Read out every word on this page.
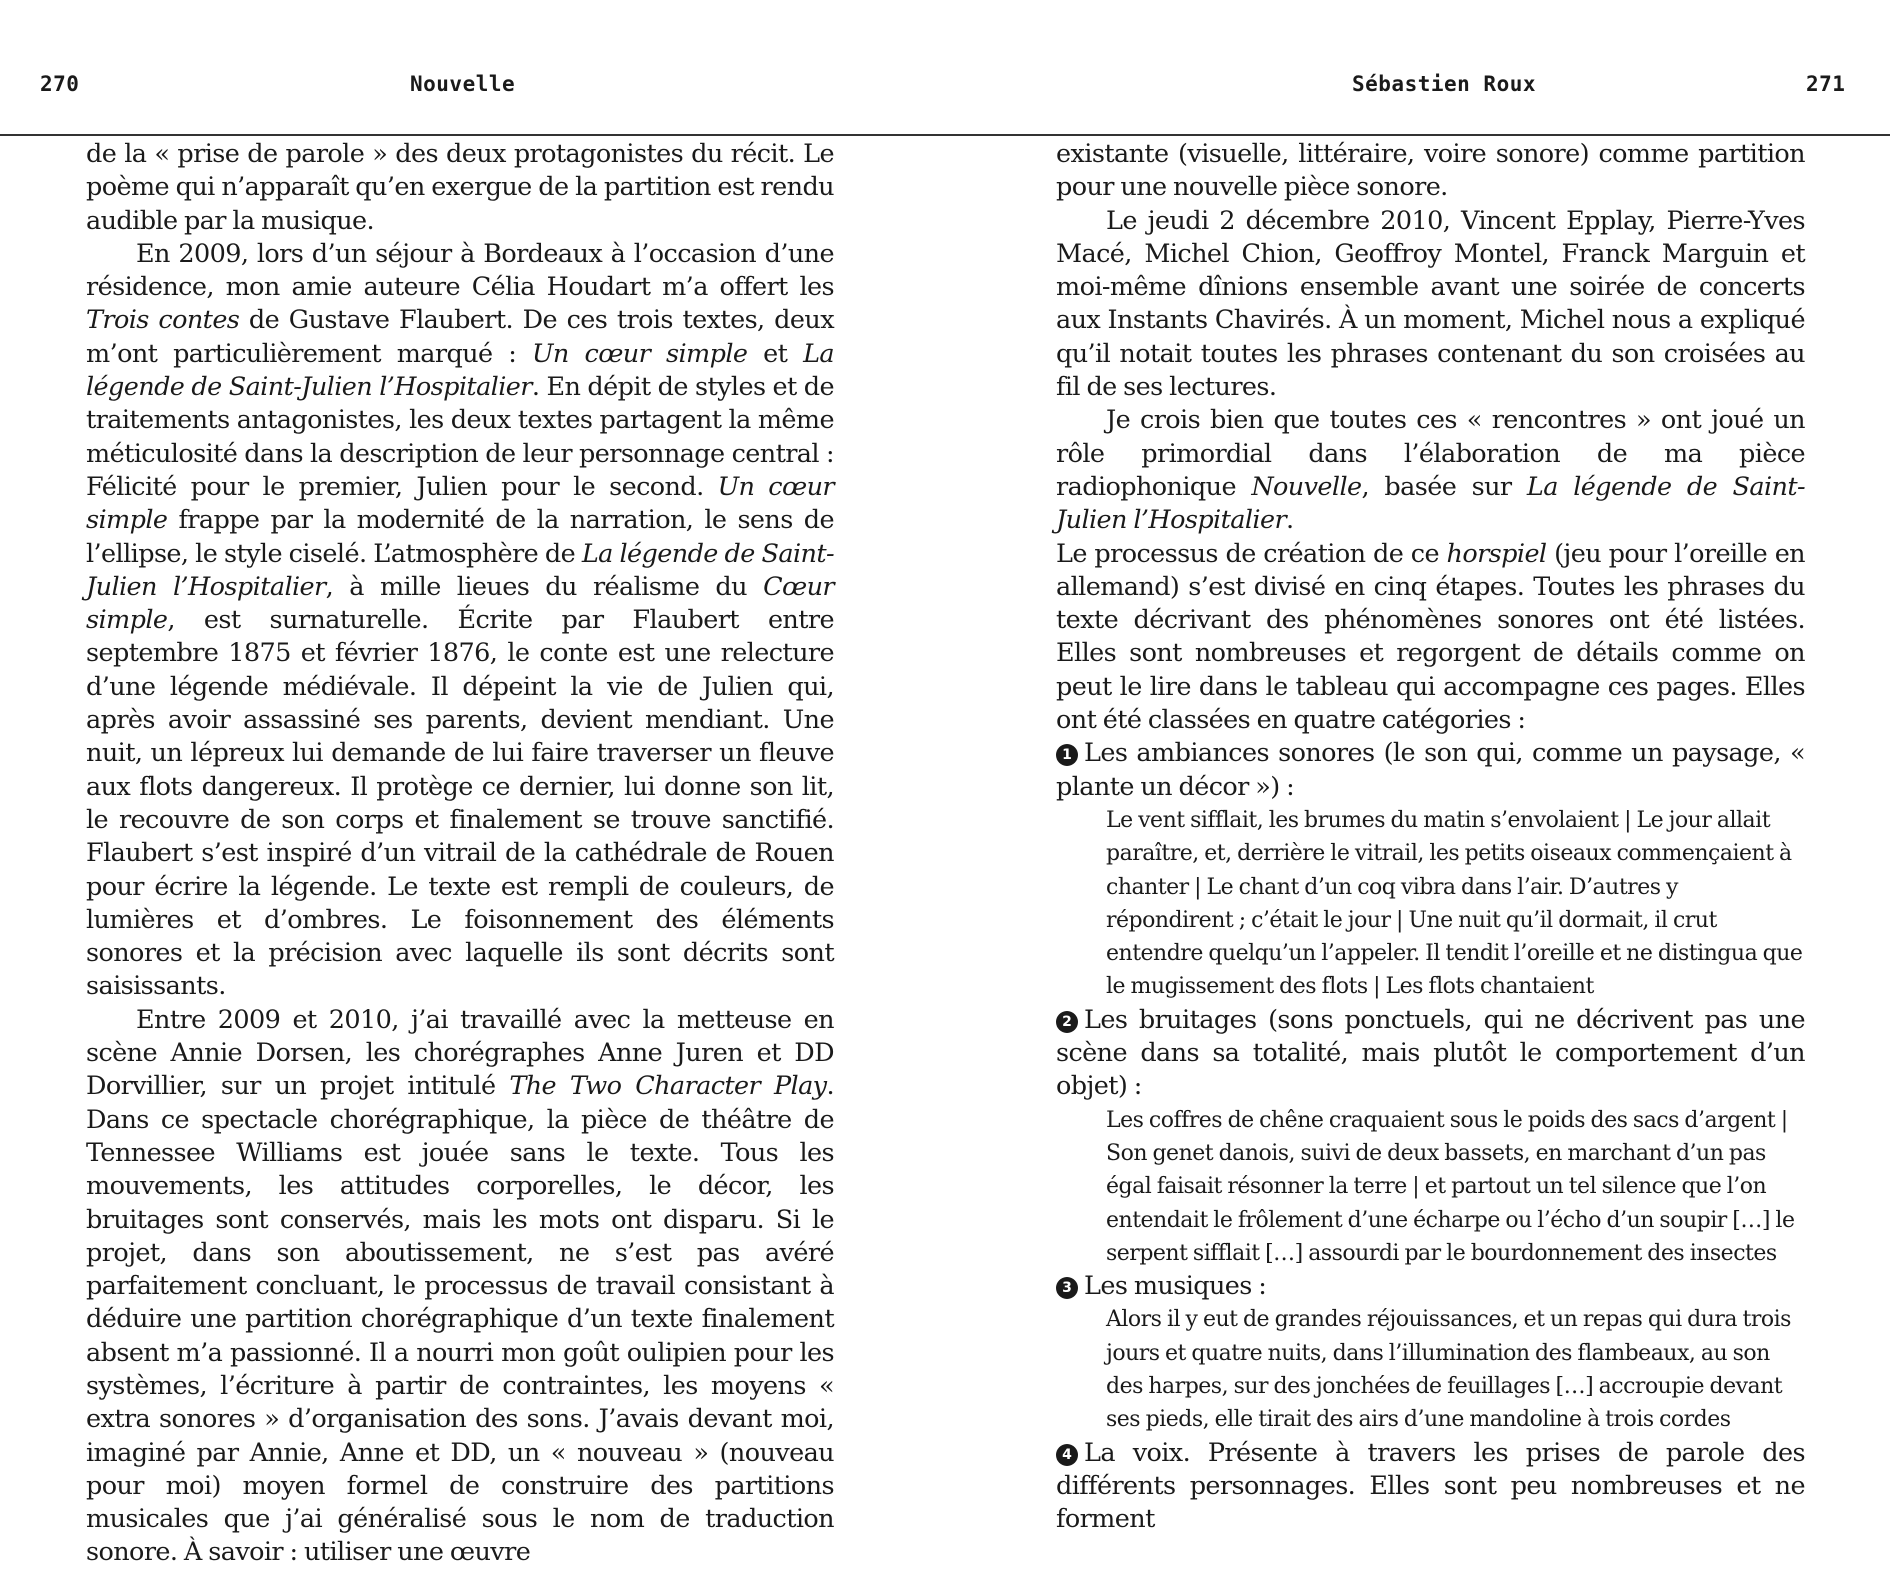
270	Nouvelle	Sébastien Roux	271

de la « prise de parole » des deux protagonistes du récit. Le poème qui n’apparaît qu’en exergue de la partition est rendu audible par la musique.

En 2009, lors d’un séjour à Bordeaux à l’occasion d’une résidence, mon amie auteure Célia Houdart m’a offert les Trois contes de Gustave Flaubert. De ces trois textes, deux m’ont particulièrement marqué : Un cœur simple et La légende de Saint-Julien l’Hospitalier. En dépit de styles et de traitements antagonistes, les deux textes partagent la même méticulosité dans la description de leur personnage central : Félicité pour le premier, Julien pour le second. Un cœur simple frappe par la modernité de la narration, le sens de l’ellipse, le style ciselé. L’atmosphère de La légende de Saint-Julien l’Hospitalier, à mille lieues du réalisme du Cœur simple, est surnaturelle. Écrite par Flaubert entre septembre 1875 et février 1876, le conte est une relecture d’une légende médiévale. Il dépeint la vie de Julien qui, après avoir assassiné ses parents, devient mendiant. Une nuit, un lépreux lui demande de lui faire traverser un fleuve aux flots dangereux. Il protège ce dernier, lui donne son lit, le recouvre de son corps et finalement se trouve sanctifié. Flaubert s’est inspiré d’un vitrail de la cathédrale de Rouen pour écrire la légende. Le texte est rempli de couleurs, de lumières et d’ombres. Le foisonnement des éléments sonores et la précision avec laquelle ils sont décrits sont saisissants.

Entre 2009 et 2010, j’ai travaillé avec la metteuse en scène Annie Dorsen, les chorégraphes Anne Juren et DD Dorvillier, sur un projet intitulé The Two Character Play. Dans ce spectacle chorégraphique, la pièce de théâtre de Tennessee Williams est jouée sans le texte. Tous les mouvements, les attitudes corporelles, le décor, les bruitages sont conservés, mais les mots ont disparu. Si le projet, dans son aboutissement, ne s’est pas avéré parfaitement concluant, le processus de travail consistant à déduire une partition chorégraphique d’un texte finalement absent m’a passionné. Il a nourri mon goût oulipien pour les systèmes, l’écriture à partir de contraintes, les moyens « extra sonores » d’organisation des sons. J’avais devant moi, imaginé par Annie, Anne et DD, un « nouveau » (nouveau pour moi) moyen formel de construire des partitions musicales que j’ai généralisé sous le nom de traduction sonore. À savoir : utiliser une œuvre

existante (visuelle, littéraire, voire sonore) comme partition pour une nouvelle pièce sonore.

Le jeudi 2 décembre 2010, Vincent Epplay, Pierre-Yves Macé, Michel Chion, Geoffroy Montel, Franck Marguin et moi-même dînions ensemble avant une soirée de concerts aux Instants Chavirés. À un moment, Michel nous a expliqué qu’il notait toutes les phrases contenant du son croisées au fil de ses lectures.

Je crois bien que toutes ces « rencontres » ont joué un rôle primordial dans l’élaboration de ma pièce radiophonique Nouvelle, basée sur La légende de Saint-Julien l’Hospitalier.

Le processus de création de ce horspiel (jeu pour l’oreille en allemand) s’est divisé en cinq étapes. Toutes les phrases du texte décrivant des phénomènes sonores ont été listées. Elles sont nombreuses et regorgent de détails comme on peut le lire dans le tableau qui accompagne ces pages. Elles ont été classées en quatre catégories :

1 Les ambiances sonores (le son qui, comme un paysage, « plante un décor ») :

Le vent sifflait, les brumes du matin s’envolaient | Le jour allait paraître, et, derrière le vitrail, les petits oiseaux commençaient à chanter | Le chant d’un coq vibra dans l’air. D’autres y répondirent ; c’était le jour | Une nuit qu’il dormait, il crut entendre quelqu’un l’appeler. Il tendit l’oreille et ne distingua que le mugissement des flots | Les flots chantaient

2 Les bruitages (sons ponctuels, qui ne décrivent pas une scène dans sa totalité, mais plutôt le comportement d’un objet) :

Les coffres de chêne craquaient sous le poids des sacs d’argent | Son genet danois, suivi de deux bassets, en marchant d’un pas égal faisait résonner la terre | et partout un tel silence que l’on entendait le frôlement d’une écharpe ou l’écho d’un soupir […] le serpent sifflait […] assourdi par le bourdonnement des insectes

3 Les musiques :

Alors il y eut de grandes réjouissances, et un repas qui dura trois jours et quatre nuits, dans l’illumination des flambeaux, au son des harpes, sur des jonchées de feuillages […] accroupie devant ses pieds, elle tirait des airs d’une mandoline à trois cordes

4 La voix. Présente à travers les prises de parole des différents personnages. Elles sont peu nombreuses et ne forment
